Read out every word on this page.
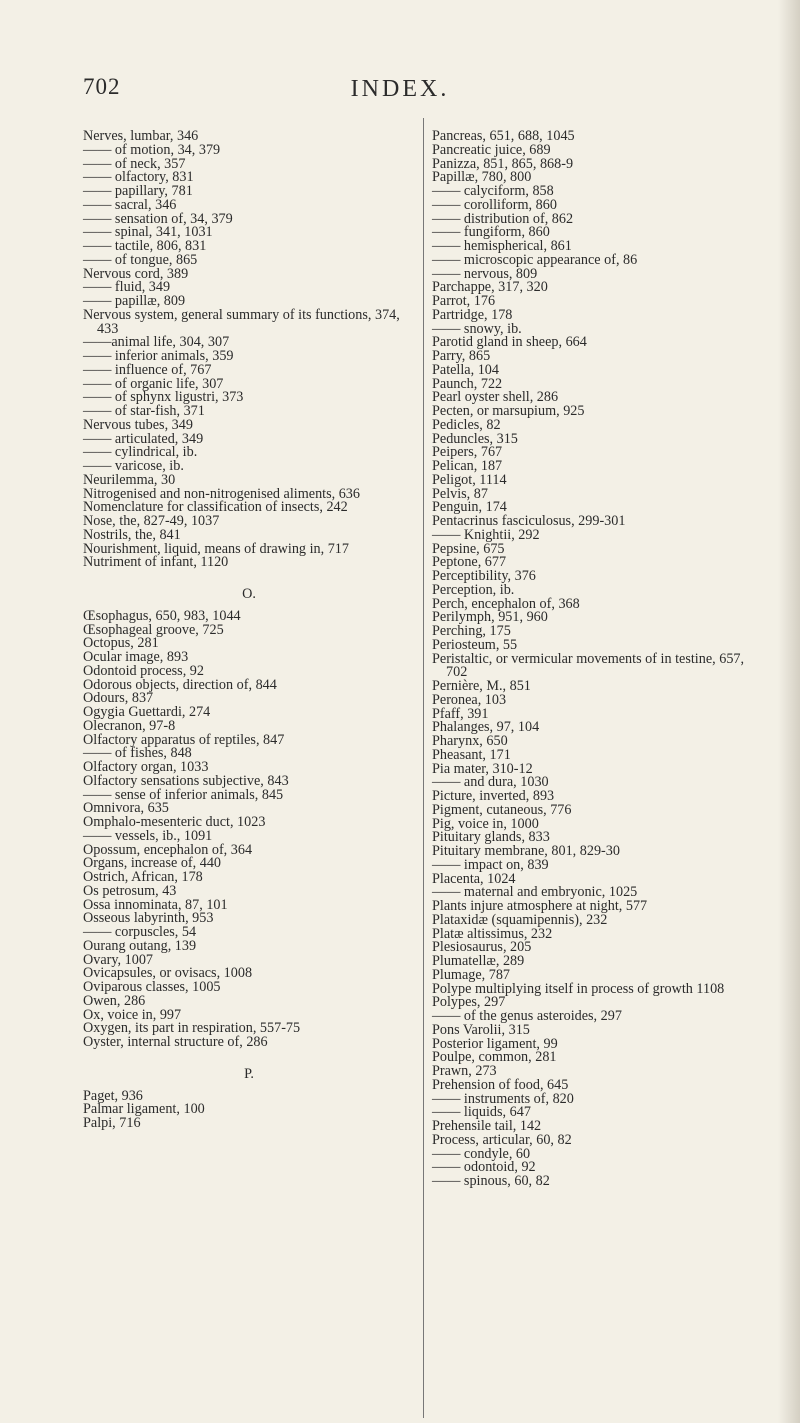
702	INDEX.
Nerves, lumbar, 346
—— of motion, 34, 379
—— of neck, 357
—— olfactory, 831
—— papillary, 781
—— sacral, 346
—— sensation of, 34, 379
—— spinal, 341, 1031
—— tactile, 806, 831
—— of tongue, 865
Nervous cord, 389
—— fluid, 349
—— papillæ, 809
Nervous system, general summary of its functions, 374, 433
——animal life, 304, 307
—— inferior animals, 359
—— influence of, 767
—— of organic life, 307
—— of sphynx ligustri, 373
—— of star-fish, 371
Nervous tubes, 349
—— articulated, 349
—— cylindrical, ib.
—— varicose, ib.
Neurilemma, 30
Nitrogenised and non-nitrogenised aliments, 636
Nomenclature for classification of insects, 242
Nose, the, 827-49, 1037
Nostrils, the, 841
Nourishment, liquid, means of drawing in, 717
Nutriment of infant, 1120
O.
Œsophagus, 650, 983, 1044
Œsophageal groove, 725
Octopus, 281
Ocular image, 893
Odontoid process, 92
Odorous objects, direction of, 844
Odours, 837
Ogygia Guettardi, 274
Olecranon, 97-8
Olfactory apparatus of reptiles, 847
—— of fishes, 848
Olfactory organ, 1033
Olfactory sensations subjective, 843
—— sense of inferior animals, 845
Omnivora, 635
Omphalo-mesenteric duct, 1023
—— vessels, ib., 1091
Opossum, encephalon of, 364
Organs, increase of, 440
Ostrich, African, 178
Os petrosum, 43
Ossa innominata, 87, 101
Osseous labyrinth, 953
—— corpuscles, 54
Ourang outang, 139
Ovary, 1007
Ovicapsules, or ovisacs, 1008
Oviparous classes, 1005
Owen, 286
Ox, voice in, 997
Oxygen, its part in respiration, 557-75
Oyster, internal structure of, 286
P.
Paget, 936
Palmar ligament, 100
Palpi, 716
Pancreas, 651, 688, 1045
Pancreatic juice, 689
Panizza, 851, 865, 868-9
Papillæ, 780, 800
—— calyciform, 858
—— corolliform, 860
—— distribution of, 862
—— fungiform, 860
—— hemispherical, 861
—— microscopic appearance of, 86
—— nervous, 809
Parchappe, 317, 320
Parrot, 176
Partridge, 178
—— snowy, ib.
Parotid gland in sheep, 664
Parry, 865
Patella, 104
Paunch, 722
Pearl oyster shell, 286
Pecten, or marsupium, 925
Pedicles, 82
Peduncles, 315
Peipers, 767
Pelican, 187
Peligot, 1114
Pelvis, 87
Penguin, 174
Pentacrinus fasciculosus, 299-301
—— Knightii, 292
Pepsine, 675
Peptone, 677
Perceptibility, 376
Perception, ib.
Perch, encephalon of, 368
Perilymph, 951, 960
Perching, 175
Periosteum, 55
Peristaltic, or vermicular movements of in testine, 657, 702
Pernière, M., 851
Peronea, 103
Pfaff, 391
Phalanges, 97, 104
Pharynx, 650
Pheasant, 171
Pia mater, 310-12
—— and dura, 1030
Picture, inverted, 893
Pigment, cutaneous, 776
Pig, voice in, 1000
Pituitary glands, 833
Pituitary membrane, 801, 829-30
—— impact on, 839
Placenta, 1024
—— maternal and embryonic, 1025
Plants injure atmosphere at night, 577
Plataxidæ (squamipennis), 232
Platæ altissimus, 232
Plesiosaurus, 205
Plumatellæ, 289
Plumage, 787
Polype multiplying itself in process of growth 1108
Polypes, 297
—— of the genus asteroides, 297
Pons Varolii, 315
Posterior ligament, 99
Poulpe, common, 281
Prawn, 273
Prehension of food, 645
—— instruments of, 820
—— liquids, 647
Prehensile tail, 142
Process, articular, 60, 82
—— condyle, 60
—— odontoid, 92
—— spinous, 60, 82
